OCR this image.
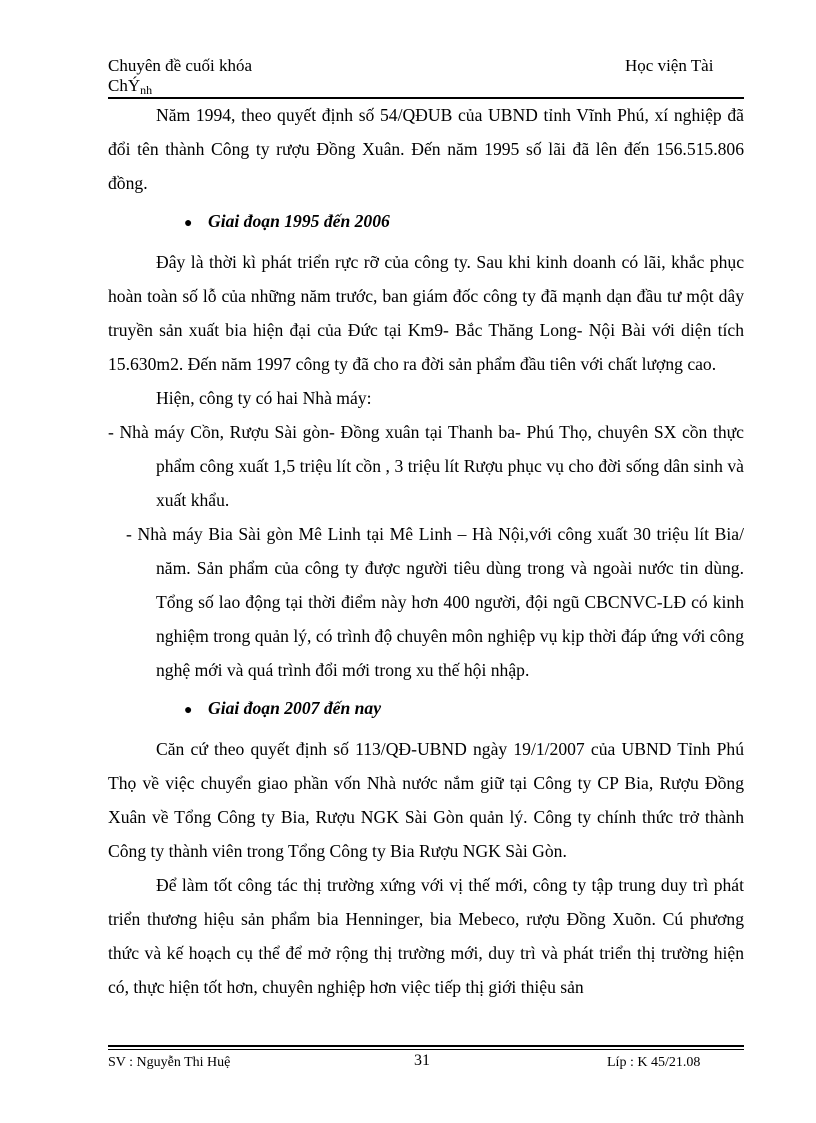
Chuyên đề cuối khóa	Học viện Tài
ChÝ$_{nh}$

Năm 1994, theo quyết định số 54/QĐUB của UBND tỉnh Vĩnh Phú, xí nghiệp đã đổi tên thành Công ty rượu Đồng Xuân. Đến năm 1995 số lãi đã lên đến 156.515.806 đồng.

● Giai đoạn 1995 đến 2006

Đây là thời kì phát triển rực rỡ của công ty. Sau khi kinh doanh có lãi, khắc phục hoàn toàn số lỗ của những năm trước, ban giám đốc công ty đã mạnh dạn đầu tư một dây truyền sản xuất bia hiện đại của Đức tại Km9- Bắc Thăng Long- Nội Bài với diện tích 15.630m2. Đến năm 1997 công ty đã cho ra đời sản phẩm đầu tiên với chất lượng cao.

Hiện, công ty có hai Nhà máy:

- Nhà máy Cồn, Rượu Sài gòn- Đồng xuân tại Thanh ba- Phú Thọ, chuyên SX cồn thực phẩm công xuất 1,5 triệu lít cồn , 3 triệu lít Rượu phục vụ cho đời sống dân sinh và xuất khẩu.

- Nhà máy Bia Sài gòn Mê Linh tại Mê Linh – Hà Nội,với công xuất 30 triệu lít Bia/ năm. Sản phẩm của công ty được người tiêu dùng trong và ngoài nước tin dùng. Tổng số lao động tại thời điểm này hơn 400 người, đội ngũ CBCNVC-LĐ có kinh nghiệm trong quản lý, có trình độ chuyên môn nghiệp vụ kịp thời đáp ứng với công nghệ mới và quá trình đổi mới trong xu thế hội nhập.

● Giai đoạn 2007 đến nay

Căn cứ theo quyết định số 113/QĐ-UBND ngày 19/1/2007 của UBND Tỉnh Phú Thọ về việc chuyển giao phần vốn Nhà nước nắm giữ tại Công ty CP Bia, Rượu Đồng Xuân về Tổng Công ty Bia, Rượu NGK Sài Gòn quản lý. Công ty chính thức trở thành Công ty thành viên trong Tổng Công ty Bia Rượu NGK Sài Gòn.

Để làm tốt công tác thị trường xứng với vị thế mới, công ty tập trung duy trì phát triển thương hiệu sản phẩm bia Henninger, bia Mebeco, rượu Đồng Xuõn. Cú phương thức và kế hoạch cụ thể để mở rộng thị trường mới, duy trì và phát triển thị trường hiện có, thực hiện tốt hơn, chuyên nghiệp hơn việc tiếp thị giới thiệu sản

SV : Nguyễn Thi Huệ	31	Líp : K 45/21.08
